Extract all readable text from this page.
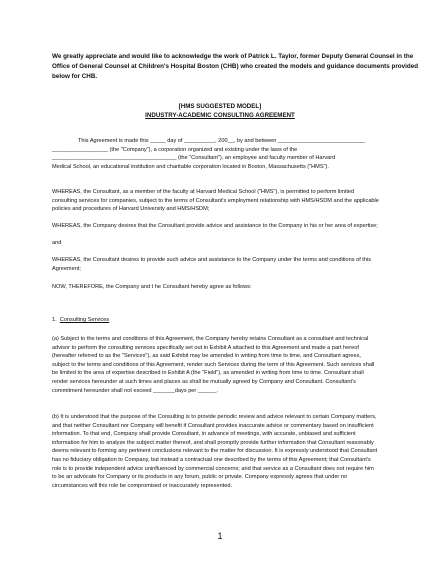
We greatly appreciate and would like to acknowledge the work of Patrick L. Taylor, former Deputy General Counsel in the
Office of General Counsel at Children's Hospital Boston (CHB) who created the models and guidance documents provided
below for CHB.
[HMS SUGGESTED MODEL]
INDUSTRY-ACADEMIC CONSULTING AGREEMENT
This Agreement is made this _____ day of __________, 200__, by and between ____________________________
__________________ (the "Company"), a corporation organized and existing under the laws of the
________________________________________ (the "Consultant"), an employee and faculty member of Harvard
Medical School, an educational institution and charitable corporation located in Boston, Massachusetts ("HMS").
WHEREAS, the Consultant, as a member of the faculty at Harvard Medical School ("HMS"), is permitted to perform limited
consulting services for companies, subject to the terms of Consultant's employment relationship with HMS/HSDM and the applicable
policies and procedures of Harvard University and HMS/HSDM;
WHEREAS, the Company desires that the Consultant provide advice and assistance to the Company in his or her area of expertise;
and
WHEREAS, the Consultant desires to provide such advice and assistance to the Company under the terms and conditions of this
Agreement;
NOW, THEREFORE, the Company and t he Consultant hereby agree as follows:
1. Consulting Services
(a) Subject to the terms and conditions of this Agreement, the Company hereby retains Consultant as a consultant and technical
advisor to perform the consulting services specifically set out in Exhibit A attached to this Agreement and made a part hereof
(hereafter referred to as the "Services"), as said Exhibit may be amended in writing from time to time, and Consultant agrees,
subject to the terms and conditions of this Agreement, render such Services during the term of this Agreement. Such services shall
be limited to the area of expertise described in Exhibit A (the "Field"), as amended in writing from time to time. Consultant shall
render services hereunder at such times and places as shall be mutually agreed by Company and Consultant. Consultant's
commitment hereunder shall not exceed _______days per ______.
(b) It is understood that the purpose of the Consulting is to provide periodic review and advice relevant to certain Company matters,
and that neither Consultant nor Company will benefit if Consultant provides inaccurate advice or commentary based on insufficient
information. To that end, Company shall provide Consultant, in advance of meetings, with accurate, unbiased and sufficient
information for him to analyze the subject matter thereof, and shall promptly provide further information that Consultant reasonably
deems relevant to forming any pertinent conclusions relevant to the matter for discussion. It is expressly understood that Consultant
has no fiduciary obligation to Company, but instead a contractual one described by the terms of this Agreement; that Consultant's
role is to provide independent advice uninfluenced by commercial concerns; and that service as a Consultant does not require him
to be an advocate for Company or its products in any forum, public or private. Company expressly agrees that under no
circumstances will this role be compromised or inaccurately represented.
1
